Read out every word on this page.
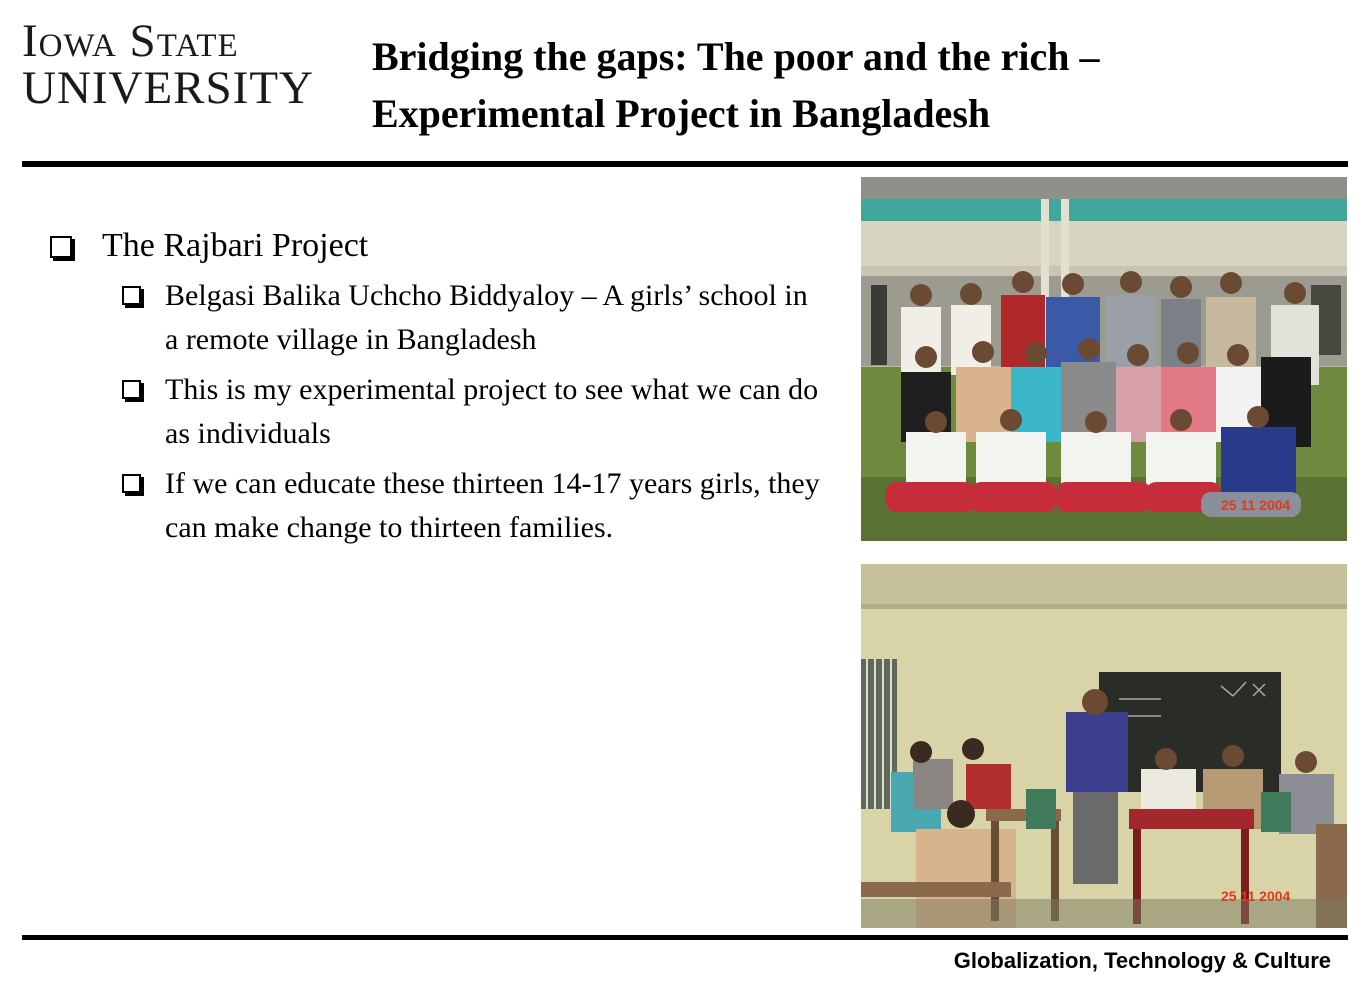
Iowa State
UNIVERSITY
Bridging the gaps: The poor and the rich –
Experimental Project in Bangladesh
The Rajbari Project
Belgasi Balika Uchcho Biddyaloy – A girls’ school in a remote village in Bangladesh
This is my experimental project to see what we can do as individuals
If we can educate these thirteen 14-17 years girls, they can make change to thirteen families.
25 11 2004
25 11 2004
Globalization, Technology & Culture
